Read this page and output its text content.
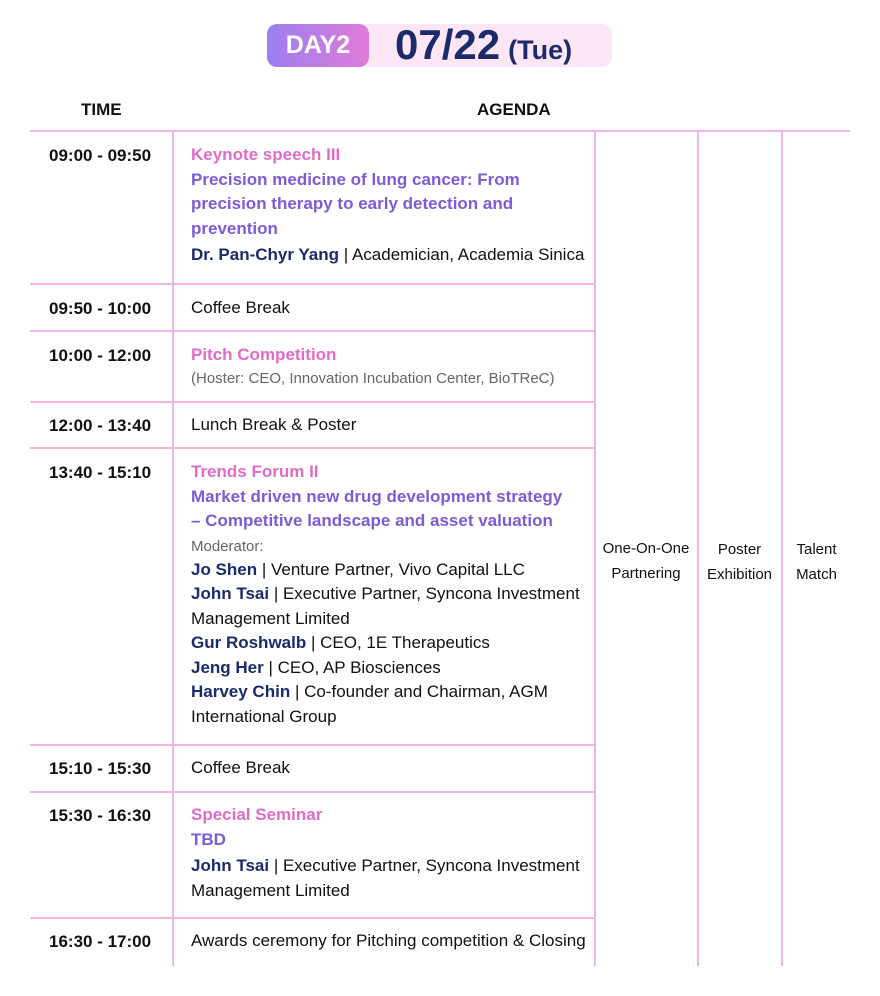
DAY2	07/22 (Tue)
TIME	AGENDA
09:00 - 09:50 Keynote speech III
Precision medicine of lung cancer: From precision therapy to early detection and prevention
Dr. Pan-Chyr Yang | Academician, Academia Sinica
09:50 - 10:00 Coffee Break
10:00 - 12:00 Pitch Competition
(Hoster: CEO, Innovation Incubation Center, BioTReC)
12:00 - 13:40 Lunch Break & Poster
13:40 - 15:10 Trends Forum II
Market driven new drug development strategy
– Competitive landscape and asset valuation
Moderator:
Jo Shen | Venture Partner, Vivo Capital LLC
John Tsai | Executive Partner, Syncona Investment Management Limited
Gur Roshwalb | CEO, 1E Therapeutics
Jeng Her | CEO, AP Biosciences
Harvey Chin | Co-founder and Chairman, AGM International Group
15:10 - 15:30 Coffee Break
15:30 - 16:30 Special Seminar
TBD
John Tsai | Executive Partner, Syncona Investment Management Limited
16:30 - 17:00 Awards ceremony for Pitching competition & Closing
One-On-One
Partnering
Poster
Exhibition
Talent
Match
